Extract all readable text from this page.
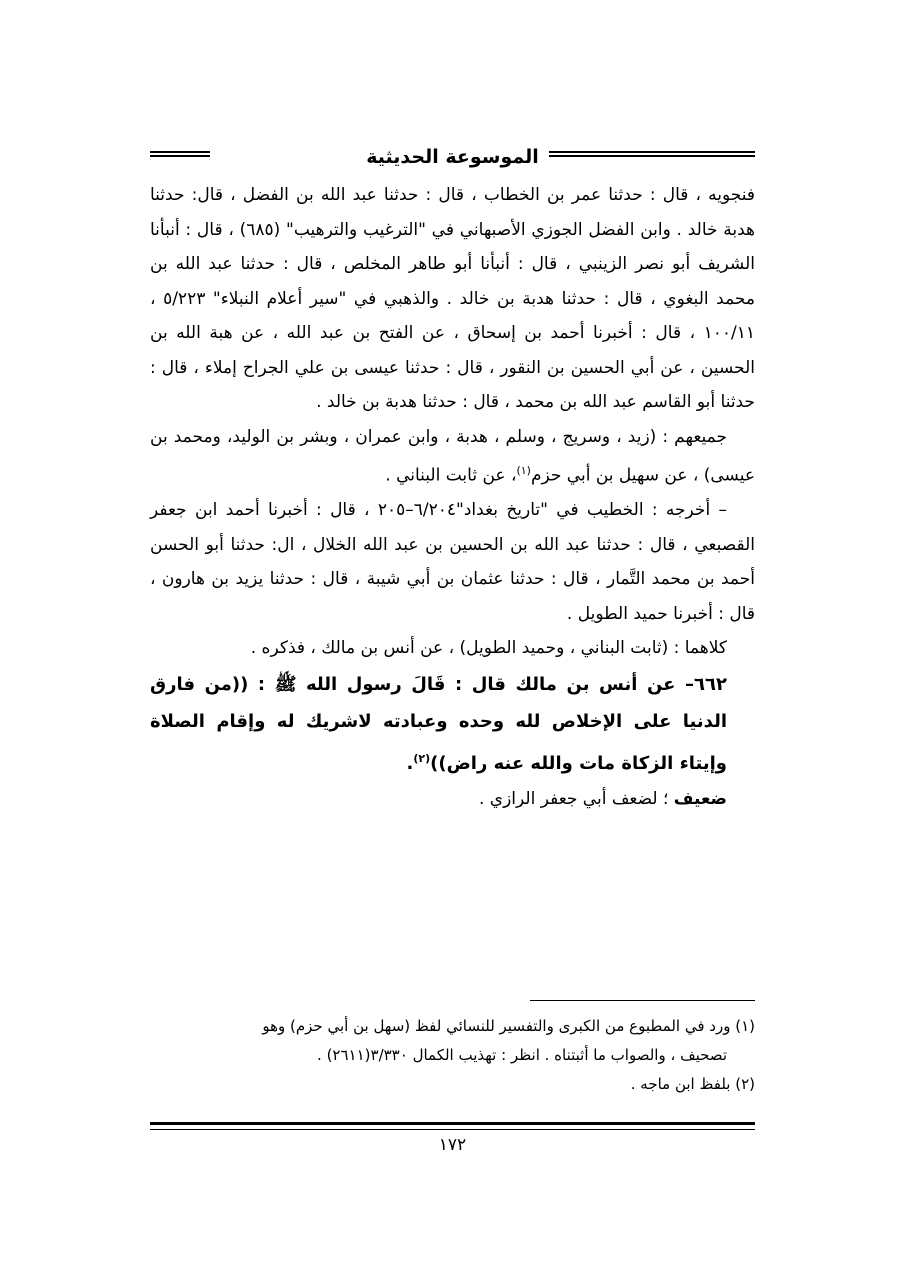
الموسوعة الحديثية

فنجويه ، قال : حدثنا عمر بن الخطاب ، قال : حدثنا عبد الله بن الفضل ، قال: حدثنا هدبة خالد . وابن الفضل الجوزي الأصبهاني في "الترغيب والترهيب" (٦٨٥) ، قال : أنبأنا الشريف أبو نصر الزينبي ، قال : أنبأنا أبو طاهر المخلص ، قال : حدثنا عبد الله بن محمد البغوي ، قال : حدثنا هدبة بن خالد . والذهبي في "سير أعلام النبلاء" ٥/٢٢٣ ، ١٠٠/١١ ، قال : أخبرنا أحمد بن إسحاق ، عن الفتح بن عبد الله ، عن هبة الله بن الحسين ، عن أبي الحسين بن النقور ، قال : حدثنا عيسى بن علي الجراح إملاء ، قال : حدثنا أبو القاسم عبد الله بن محمد ، قال : حدثنا هدبة بن خالد .

جميعهم : (زيد ، وسريج ، وسلم ، هدبة ، وابن عمران ، وبشر بن الوليد، ومحمد بن عيسى) ، عن سهيل بن أبي حزم$^{(١)}$، عن ثابت البناني .

– أخرجه : الخطيب في "تاريخ بغداد"٦/٢٠٤–٢٠٥ ، قال : أخبرنا أحمد ابن جعفر القصبعي ، قال : حدثنا عبد الله بن الحسين بن عبد الله الخلال ، ال: حدثنا أبو الحسن أحمد بن محمد التَّمار ، قال : حدثنا عثمان بن أبي شيبة ، قال : حدثنا يزيد بن هارون ، قال : أخبرنا حميد الطويل .

كلاهما : (ثابت البناني ، وحميد الطويل) ، عن أنس بن مالك ، فذكره .

٦٦٢– عن أنس بن مالك قال : قَالَ رسول الله ﷺ : ((من فارق الدنيا على الإخلاص لله وحده وعبادته لاشريك له وإقام الصلاة وإيتاء الزكاة مات والله عنه راض))$^{(٢)}$.

ضعيف ؛ لضعف أبي جعفر الرازي .

(١) ورد في المطبوع من الكبرى والتفسير للنسائي لفظ (سهل بن أبي حزم) وهو

تصحيف ، والصواب ما أثبتناه . انظر : تهذيب الكمال ٣/٣٣٠(٢٦١١) .

(٢) بلفظ ابن ماجه .

١٧٢
